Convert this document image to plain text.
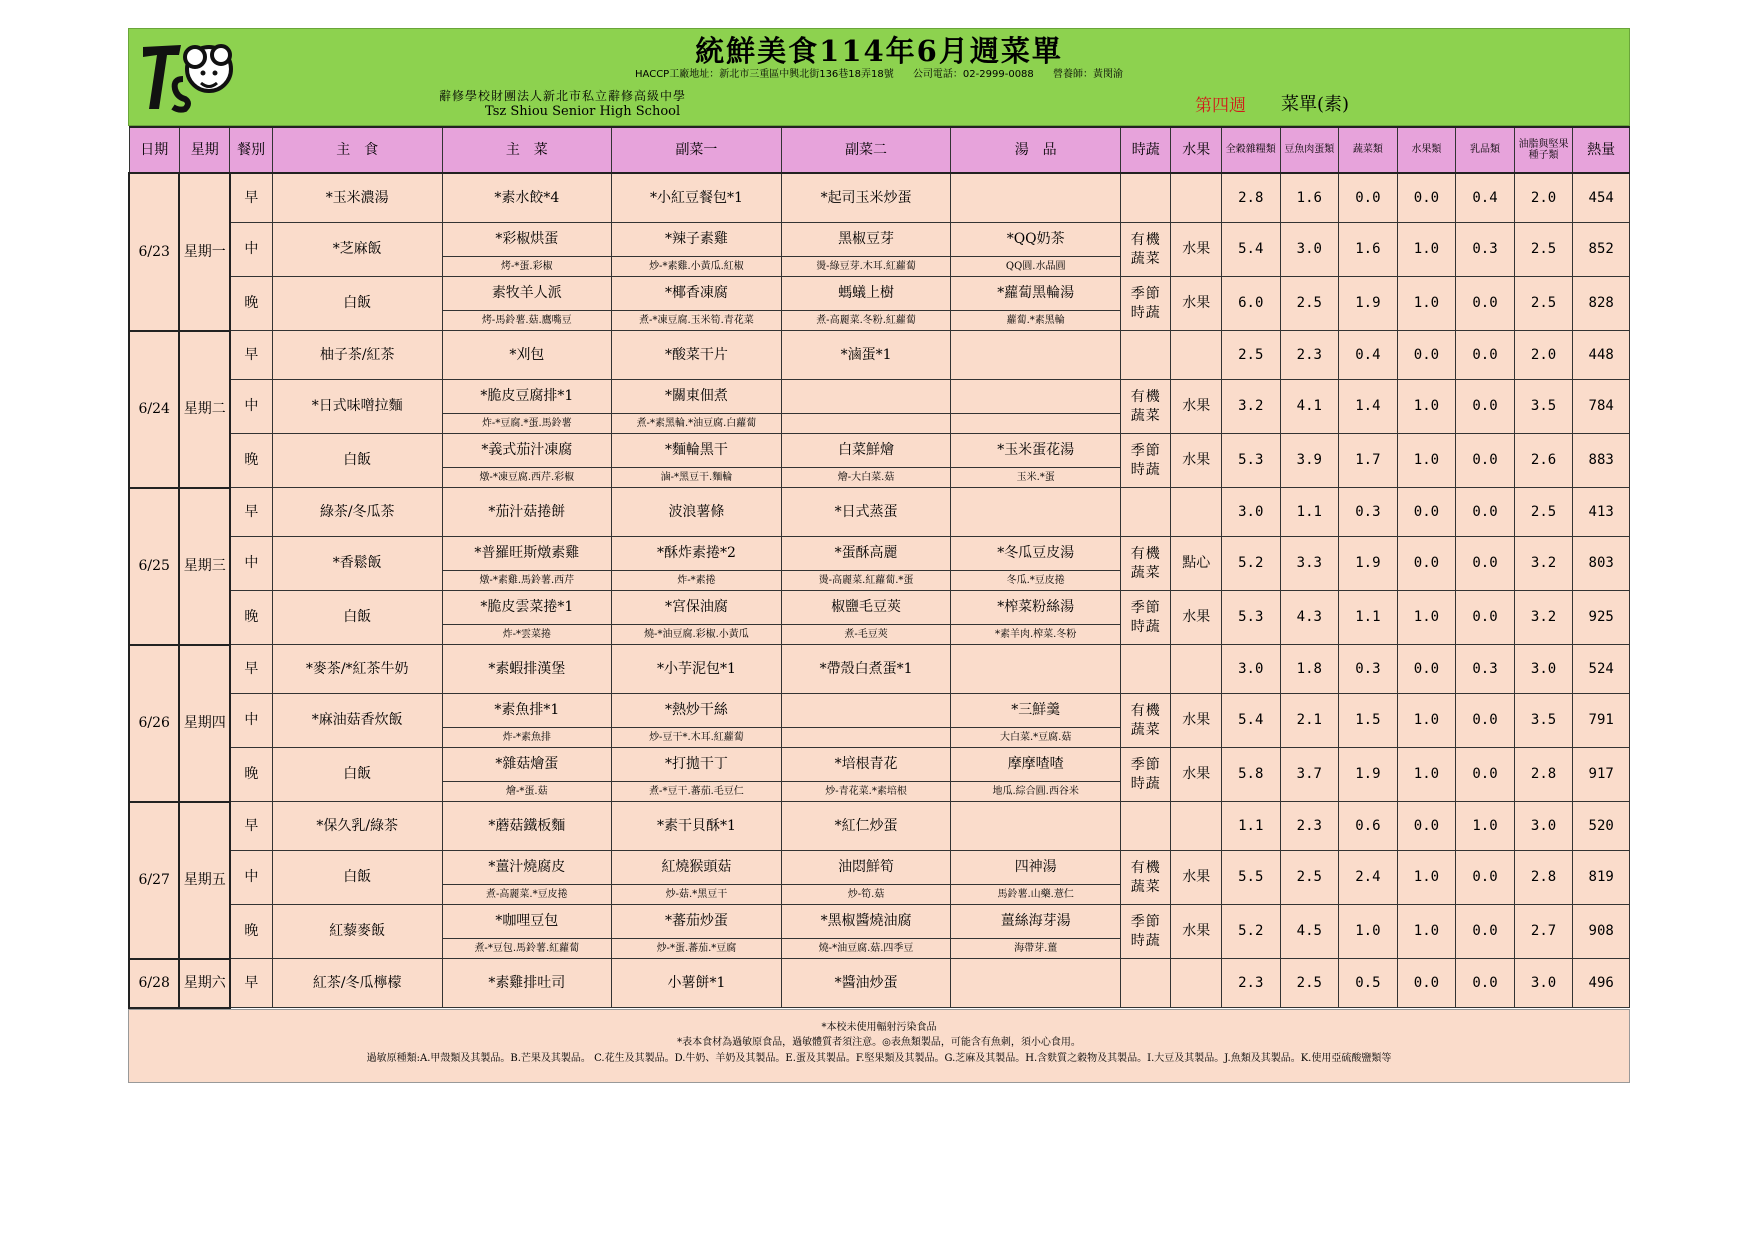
統鮮美食114年6月週菜單
HACCP工廠地址：新北市三重區中興北街136巷18弄18號 公司電話：02-2999-0088 營養師：黃閔渝
辭修學校財團法人新北市私立辭修高級中學
Tsz Shiou Senior High School	第四週 菜單(素)
日期	星期	餐別	主　食	主　菜	副菜一	副菜二	湯　品	時蔬	水果	全穀雜糧類	豆魚肉蛋類	蔬菜類	水果類	乳品類	油脂與堅果種子類	熱量
6/23	星期一	早	*玉米濃湯	*素水餃*4	*小紅豆餐包*1	*起司玉米炒蛋				2.8	1.6	0.0	0.0	0.4	2.0	454
		中	*芝麻飯	*彩椒烘蛋	*辣子素雞	黑椒豆芽	*QQ奶茶	有機蔬菜	水果	5.4	3.0	1.6	1.0	0.3	2.5	852
				烤-*蛋.彩椒	炒-*素雞.小黃瓜.紅椒	燙-綠豆芽.木耳.紅蘿蔔	QQ圓.水晶圓									
		晚	白飯	素牧羊人派	*椰香凍腐	螞蟻上樹	*蘿蔔黑輪湯	季節時蔬	水果	6.0	2.5	1.9	1.0	0.0	2.5	828
				烤-馬鈴薯.菇.鷹嘴豆	煮-*凍豆腐.玉米筍.青花菜	煮-高麗菜.冬粉.紅蘿蔔	蘿蔔.*素黑輪									
6/24	星期二	早	柚子茶/紅茶	*刈包	*酸菜干片	*滷蛋*1				2.5	2.3	0.4	0.0	0.0	2.0	448
		中	*日式味噌拉麵	*脆皮豆腐排*1	*關東佃煮			有機蔬菜	水果	3.2	4.1	1.4	1.0	0.0	3.5	784
				炸-*豆腐.*蛋.馬鈴薯	煮-*素黑輪.*油豆腐.白蘿蔔											
		晚	白飯	*義式茄汁凍腐	*麵輪黑干	白菜鮮燴	*玉米蛋花湯	季節時蔬	水果	5.3	3.9	1.7	1.0	0.0	2.6	883
				燉-*凍豆腐.西芹.彩椒	滷-*黑豆干.麵輪	燴-大白菜.菇	玉米.*蛋									
6/25	星期三	早	綠茶/冬瓜茶	*茄汁菇捲餅	波浪薯條	*日式蒸蛋				3.0	1.1	0.3	0.0	0.0	2.5	413
		中	*香鬆飯	*普羅旺斯燉素雞	*酥炸素捲*2	*蛋酥高麗	*冬瓜豆皮湯	有機蔬菜	點心	5.2	3.3	1.9	0.0	0.0	3.2	803
				燉-*素雞.馬鈴薯.西芹	炸-*素捲	燙-高麗菜.紅蘿蔔.*蛋	冬瓜.*豆皮捲									
		晚	白飯	*脆皮雲菜捲*1	*宮保油腐	椒鹽毛豆莢	*榨菜粉絲湯	季節時蔬	水果	5.3	4.3	1.1	1.0	0.0	3.2	925
				炸-*雲菜捲	燒-*油豆腐.彩椒.小黃瓜	煮-毛豆莢	*素羊肉.榨菜.冬粉									
6/26	星期四	早	*麥茶/*紅茶牛奶	*素蝦排漢堡	*小芋泥包*1	*帶殼白煮蛋*1				3.0	1.8	0.3	0.0	0.3	3.0	524
		中	*麻油菇香炊飯	*素魚排*1	*熱炒干絲		*三鮮羹	有機蔬菜	水果	5.4	2.1	1.5	1.0	0.0	3.5	791
				炸-*素魚排	炒-豆干*.木耳.紅蘿蔔		大白菜.*豆腐.菇									
		晚	白飯	*雜菇燴蛋	*打拋干丁	*培根青花	摩摩喳喳	季節時蔬	水果	5.8	3.7	1.9	1.0	0.0	2.8	917
				燴-*蛋.菇	煮-*豆干.蕃茄.毛豆仁	炒-青花菜.*素培根	地瓜.綜合圓.西谷米									
6/27	星期五	早	*保久乳/綠茶	*蘑菇鐵板麵	*素干貝酥*1	*紅仁炒蛋				1.1	2.3	0.6	0.0	1.0	3.0	520
		中	白飯	*薑汁燒腐皮	紅燒猴頭菇	油悶鮮筍	四神湯	有機蔬菜	水果	5.5	2.5	2.4	1.0	0.0	2.8	819
				煮-高麗菜.*豆皮捲	炒-菇.*黑豆干	炒-筍.菇	馬鈴薯.山藥.薏仁									
		晚	紅藜麥飯	*咖哩豆包	*蕃茄炒蛋	*黑椒醬燒油腐	薑絲海芽湯	季節時蔬	水果	5.2	4.5	1.0	1.0	0.0	2.7	908
				煮-*豆包.馬鈴薯.紅蘿蔔	炒-*蛋.蕃茄.*豆腐	燒-*油豆腐.菇.四季豆	海帶芽.薑									
6/28	星期六	早	紅茶/冬瓜檸檬	*素雞排吐司	小薯餅*1	*醬油炒蛋				2.3	2.5	0.5	0.0	0.0	3.0	496
*本校未使用輻射污染食品
*表本食材為過敏原食品，過敏體質者須注意。◎表魚類製品，可能含有魚刺，須小心食用。
過敏原種類:A.甲殼類及其製品。B.芒果及其製品。 C.花生及其製品。D.牛奶、羊奶及其製品。E.蛋及其製品。F.堅果類及其製品。G.芝麻及其製品。H.含麩質之穀物及其製品。I.大豆及其製品。J.魚類及其製品。K.使用亞硫酸鹽類等
